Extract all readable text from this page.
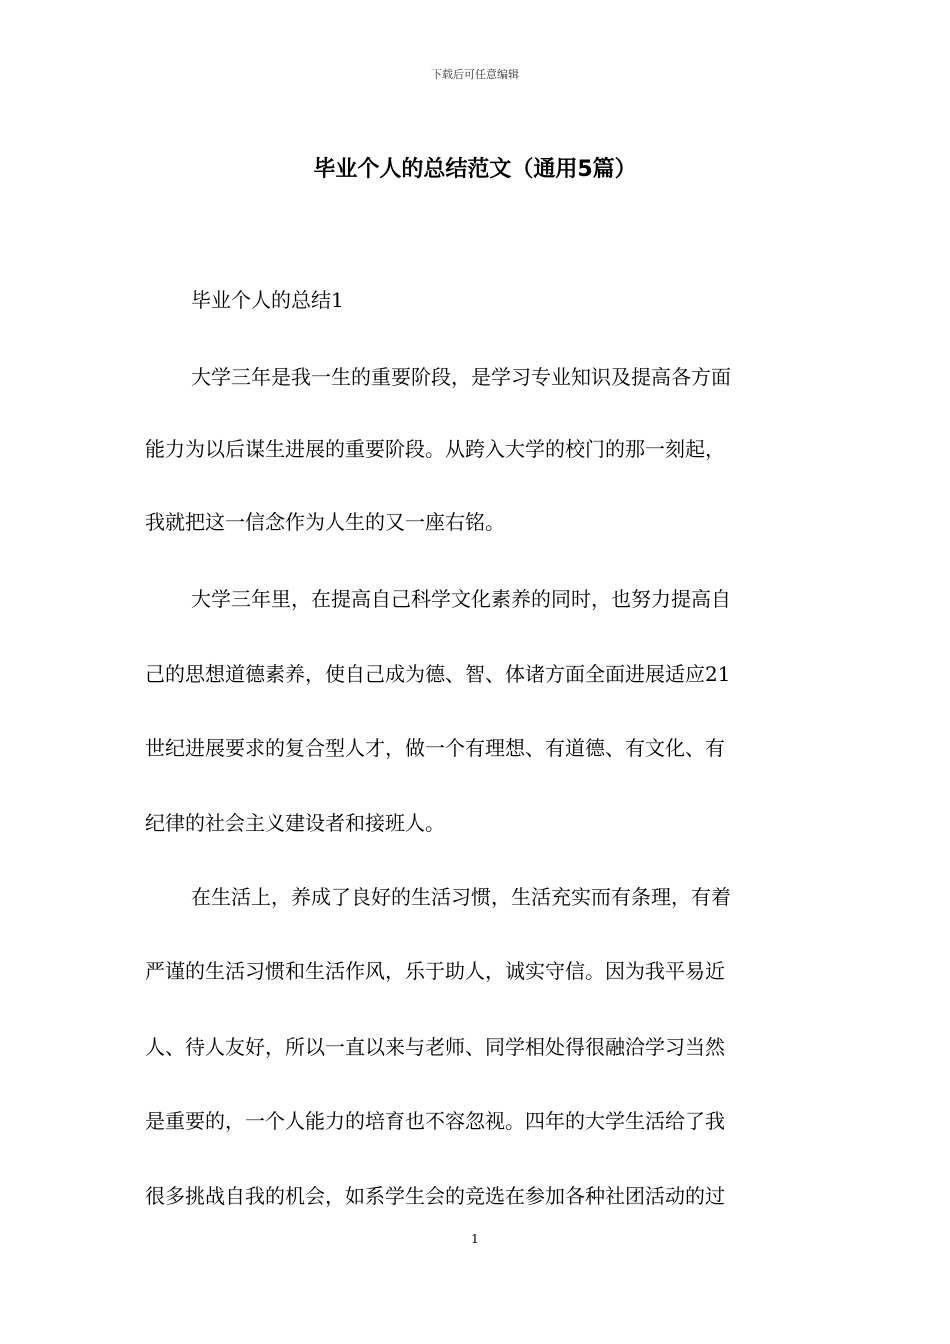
下载后可任意编辑
毕业个人的总结范文（通用5篇）
毕业个人的总结1
大学三年是我一生的重要阶段，是学习专业知识及提高各方面
能力为以后谋生进展的重要阶段。从跨入大学的校门的那一刻起，
我就把这一信念作为人生的又一座右铭。
大学三年里，在提高自己科学文化素养的同时，也努力提高自
己的思想道德素养，使自己成为德、智、体诸方面全面进展适应21
世纪进展要求的复合型人才，做一个有理想、有道德、有文化、有
纪律的社会主义建设者和接班人。
在生活上，养成了良好的生活习惯，生活充实而有条理，有着
严谨的生活习惯和生活作风，乐于助人，诚实守信。因为我平易近
人、待人友好，所以一直以来与老师、同学相处得很融洽学习当然
是重要的，一个人能力的培育也不容忽视。四年的大学生活给了我
很多挑战自我的机会，如系学生会的竞选在参加各种社团活动的过
1
